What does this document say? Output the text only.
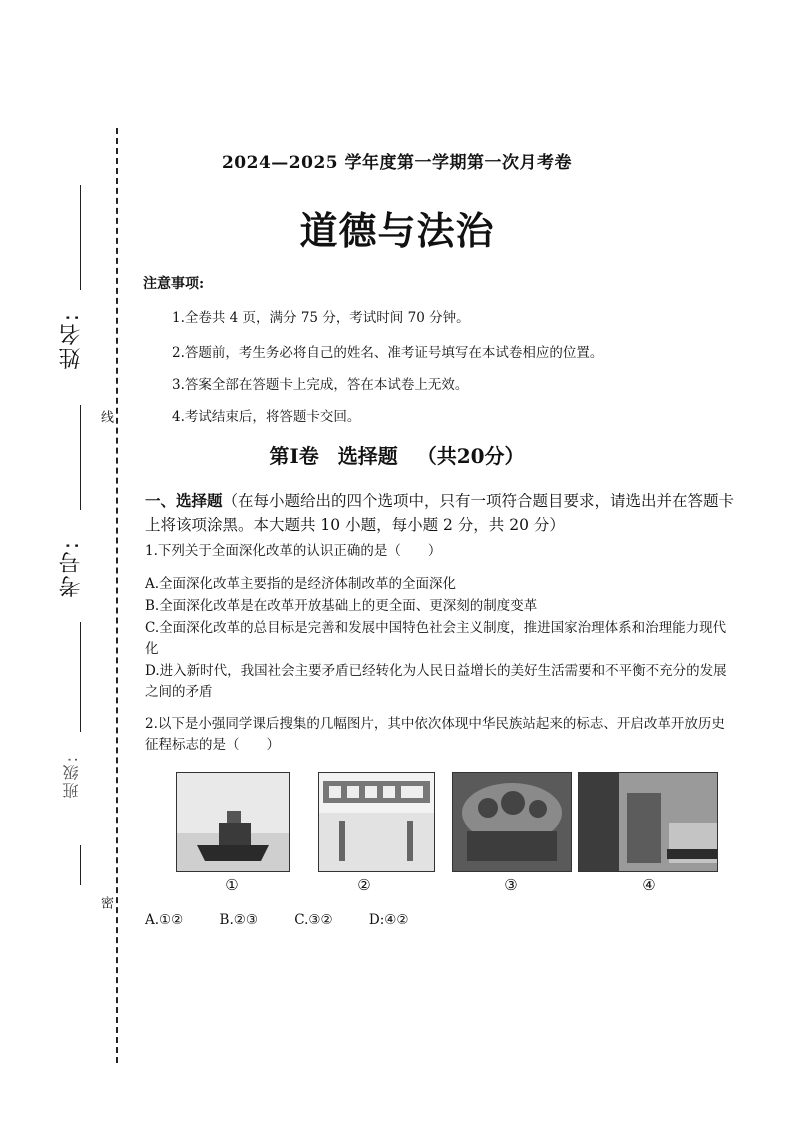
姓名:
考号:
班级:
线
密
2024—2025 学年度第一学期第一次月考卷
道德与法治
注意事项:
1.全卷共 4 页，满分 75 分，考试时间 70 分钟。
2.答题前，考生务必将自己的姓名、准考证号填写在本试卷相应的位置。
3.答案全部在答题卡上完成，答在本试卷上无效。
4.考试结束后，将答题卡交回。
第Ⅰ卷 选择题 （共20分）
一、选择题（在每小题给出的四个选项中，只有一项符合题目要求，请选出并在答题卡上将该项涂黑。本大题共 10 小题，每小题 2 分，共 20 分）
1.下列关于全面深化改革的认识正确的是（　　）
A.全面深化改革主要指的是经济体制改革的全面深化
B.全面深化改革是在改革开放基础上的更全面、更深刻的制度变革
C.全面深化改革的总目标是完善和发展中国特色社会主义制度，推进国家治理体系和治理能力现代化
D.进入新时代，我国社会主要矛盾已经转化为人民日益增长的美好生活需要和不平衡不充分的发展之间的矛盾
2.以下是小强同学课后搜集的几幅图片，其中依次体现中华民族站起来的标志、开启改革开放历史征程标志的是（　　）
①	②	③	④
A.①②	B.②③	C.③②	D:④②
